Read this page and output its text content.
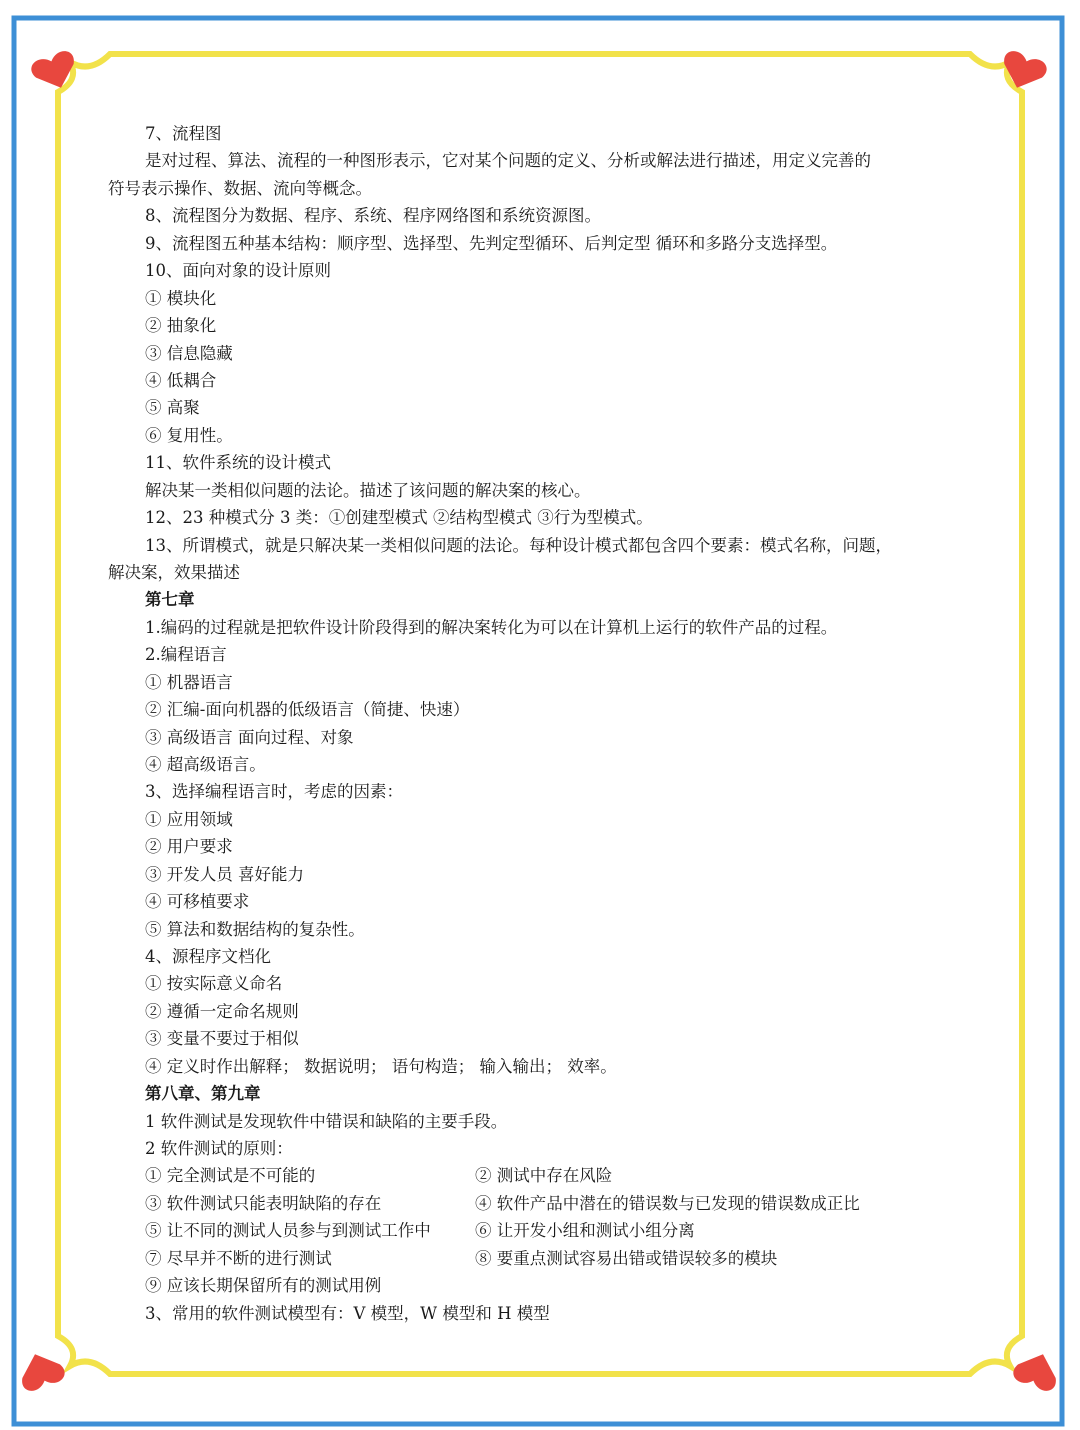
7、流程图
是对过程、算法、流程的一种图形表示，它对某个问题的定义、分析或解法进行描述，用定义完善的
符号表示操作、数据、流向等概念。
8、流程图分为数据、程序、系统、程序网络图和系统资源图。
9、流程图五种基本结构：顺序型、选择型、先判定型循环、后判定型 循环和多路分支选择型。
10、面向对象的设计原则
① 模块化
② 抽象化
③ 信息隐藏
④ 低耦合
⑤ 高聚
⑥ 复用性。
11、软件系统的设计模式
解决某一类相似问题的法论。描述了该问题的解决案的核心。
12、23 种模式分 3 类：①创建型模式 ②结构型模式 ③行为型模式。
13、所谓模式，就是只解决某一类相似问题的法论。每种设计模式都包含四个要素：模式名称，问题，
解决案，效果描述
第七章
1.编码的过程就是把软件设计阶段得到的解决案转化为可以在计算机上运行的软件产品的过程。
2.编程语言
① 机器语言
② 汇编-面向机器的低级语言（简捷、快速）
③ 高级语言 面向过程、对象
④ 超高级语言。
3、选择编程语言时，考虑的因素：
① 应用领域
② 用户要求
③ 开发人员 喜好能力
④ 可移植要求
⑤ 算法和数据结构的复杂性。
4、源程序文档化
① 按实际意义命名
② 遵循一定命名规则
③ 变量不要过于相似
④ 定义时作出解释； 数据说明； 语句构造； 输入输出； 效率。
第八章、第九章
1 软件测试是发现软件中错误和缺陷的主要手段。
2 软件测试的原则：
① 完全测试是不可能的	② 测试中存在风险
③ 软件测试只能表明缺陷的存在	④ 软件产品中潜在的错误数与已发现的错误数成正比
⑤ 让不同的测试人员参与到测试工作中	⑥ 让开发小组和测试小组分离
⑦ 尽早并不断的进行测试	⑧ 要重点测试容易出错或错误较多的模块
⑨ 应该长期保留所有的测试用例
3、常用的软件测试模型有：V 模型，W 模型和 H 模型
